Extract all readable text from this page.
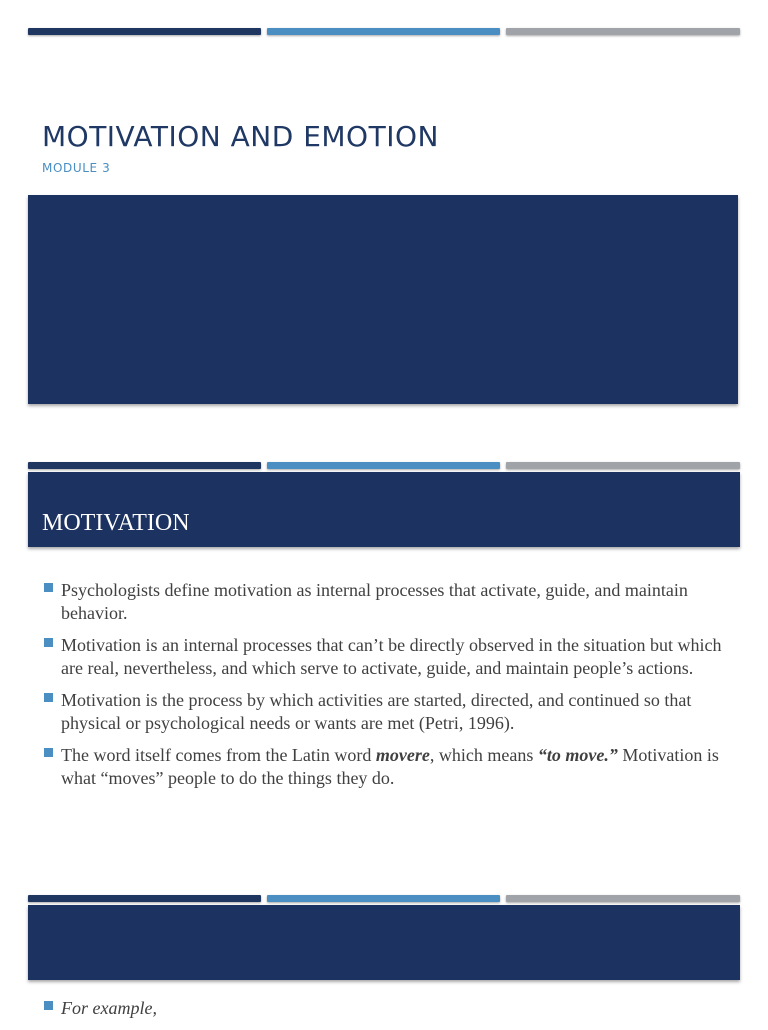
MOTIVATION AND EMOTION
MODULE 3
MOTIVATION
Psychologists define motivation as internal processes that activate, guide, and maintain behavior.
Motivation is an internal processes that can’t be directly observed in the situation but which are real, nevertheless, and which serve to activate, guide, and maintain people’s actions.
Motivation is the process by which activities are started, directed, and continued so that physical or psychological needs or wants are met (Petri, 1996).
The word itself comes from the Latin word movere, which means “to move.” Motivation is what “moves” people to do the things they do.
For example,
